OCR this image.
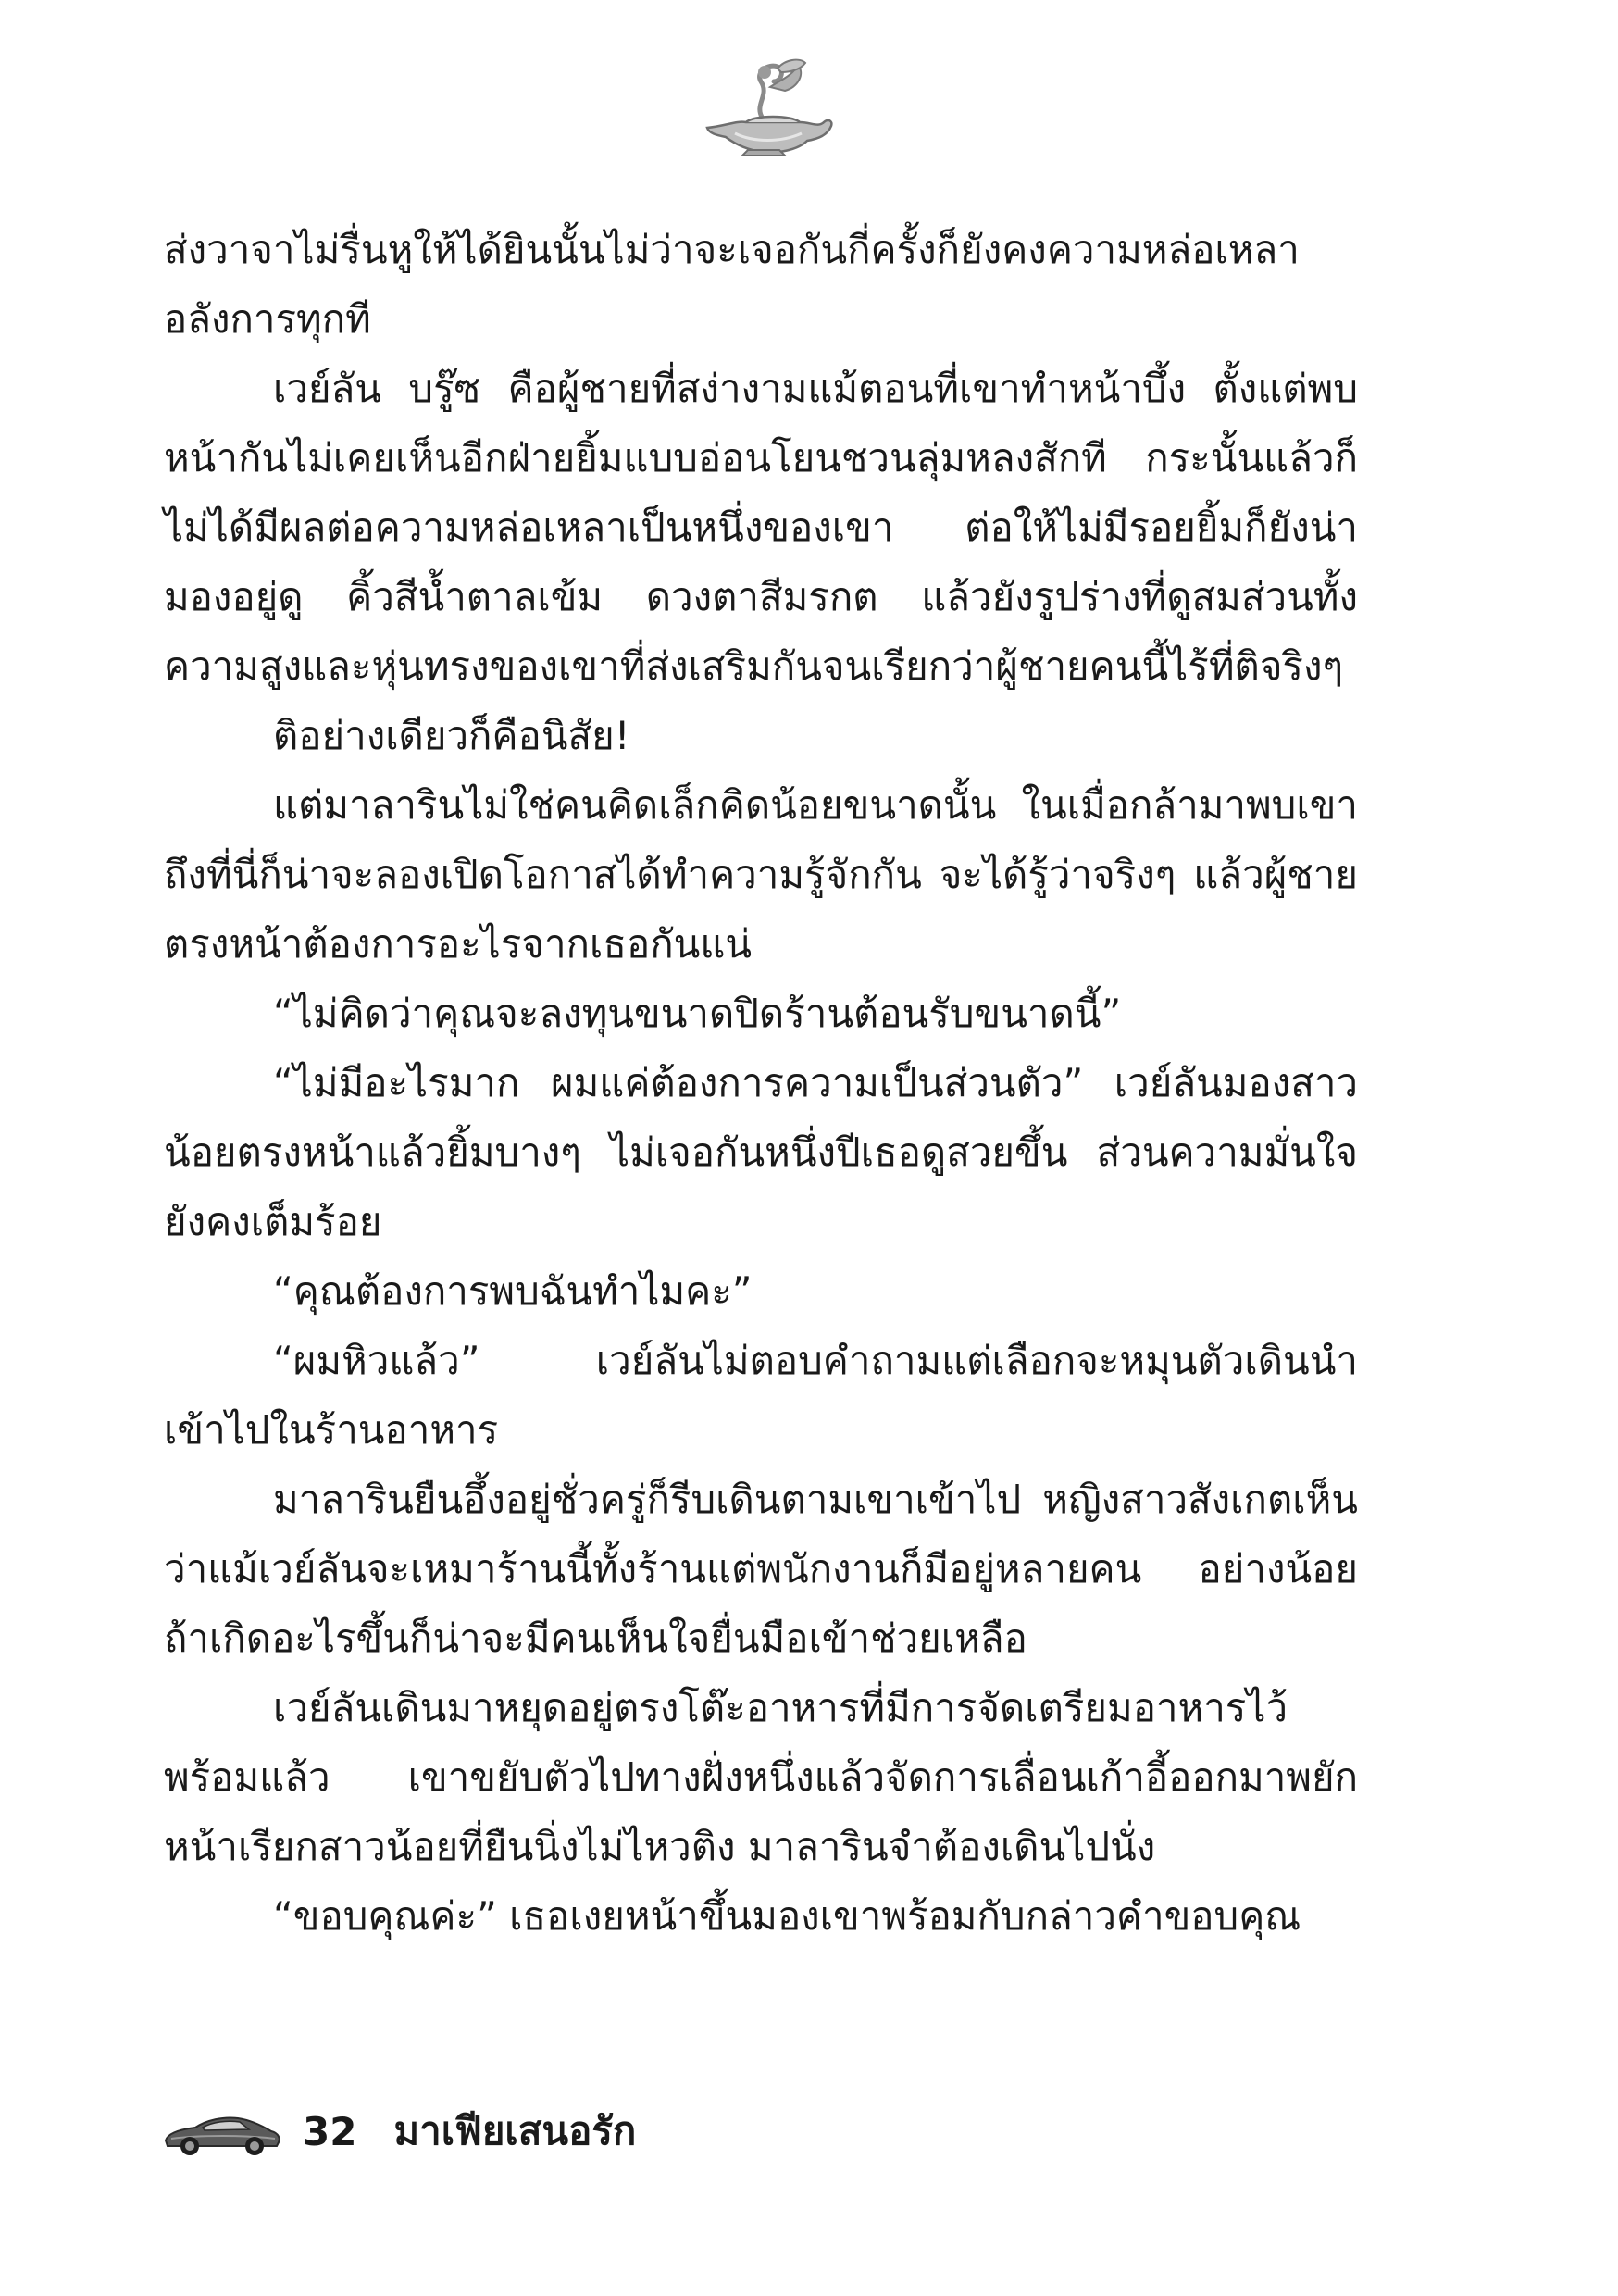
ส่งวาจาไม่รื่นหูให้ได้ยินนั้นไม่ว่าจะเจอกันกี่ครั้งก็ยังคงความหล่อเหลาอลังการทุกที

เวย์ลัน บรู๊ซ คือผู้ชายที่สง่างามแม้ตอนที่เขาทำหน้าบึ้ง ตั้งแต่พบหน้ากันไม่เคยเห็นอีกฝ่ายยิ้มแบบอ่อนโยนชวนลุ่มหลงสักที กระนั้นแล้วก็ไม่ได้มีผลต่อความหล่อเหลาเป็นหนึ่งของเขา ต่อให้ไม่มีรอยยิ้มก็ยังน่ามองอยู่ดู คิ้วสีน้ำตาลเข้ม ดวงตาสีมรกต แล้วยังรูปร่างที่ดูสมส่วนทั้งความสูงและหุ่นทรงของเขาที่ส่งเสริมกันจนเรียกว่าผู้ชายคนนี้ไร้ที่ติจริงๆ

ติอย่างเดียวก็คือนิสัย!

แต่มาลารินไม่ใช่คนคิดเล็กคิดน้อยขนาดนั้น ในเมื่อกล้ามาพบเขาถึงที่นี่ก็น่าจะลองเปิดโอกาสได้ทำความรู้จักกัน จะได้รู้ว่าจริงๆ แล้วผู้ชายตรงหน้าต้องการอะไรจากเธอกันแน่

“ไม่คิดว่าคุณจะลงทุนขนาดปิดร้านต้อนรับขนาดนี้”

“ไม่มีอะไรมาก ผมแค่ต้องการความเป็นส่วนตัว” เวย์ลันมองสาวน้อยตรงหน้าแล้วยิ้มบางๆ ไม่เจอกันหนึ่งปีเธอดูสวยขึ้น ส่วนความมั่นใจยังคงเต็มร้อย

“คุณต้องการพบฉันทำไมคะ”

“ผมหิวแล้ว” เวย์ลันไม่ตอบคำถามแต่เลือกจะหมุนตัวเดินนำเข้าไปในร้านอาหาร

มาลารินยืนอึ้งอยู่ชั่วครู่ก็รีบเดินตามเขาเข้าไป หญิงสาวสังเกตเห็นว่าแม้เวย์ลันจะเหมาร้านนี้ทั้งร้านแต่พนักงานก็มีอยู่หลายคน อย่างน้อยถ้าเกิดอะไรขึ้นก็น่าจะมีคนเห็นใจยื่นมือเข้าช่วยเหลือ

เวย์ลันเดินมาหยุดอยู่ตรงโต๊ะอาหารที่มีการจัดเตรียมอาหารไว้พร้อมแล้ว เขาขยับตัวไปทางฝั่งหนึ่งแล้วจัดการเลื่อนเก้าอี้ออกมาพยักหน้าเรียกสาวน้อยที่ยืนนิ่งไม่ไหวติง มาลารินจำต้องเดินไปนั่ง

“ขอบคุณค่ะ” เธอเงยหน้าขึ้นมองเขาพร้อมกับกล่าวคำขอบคุณ

32 มาเฟียเสนอรัก
